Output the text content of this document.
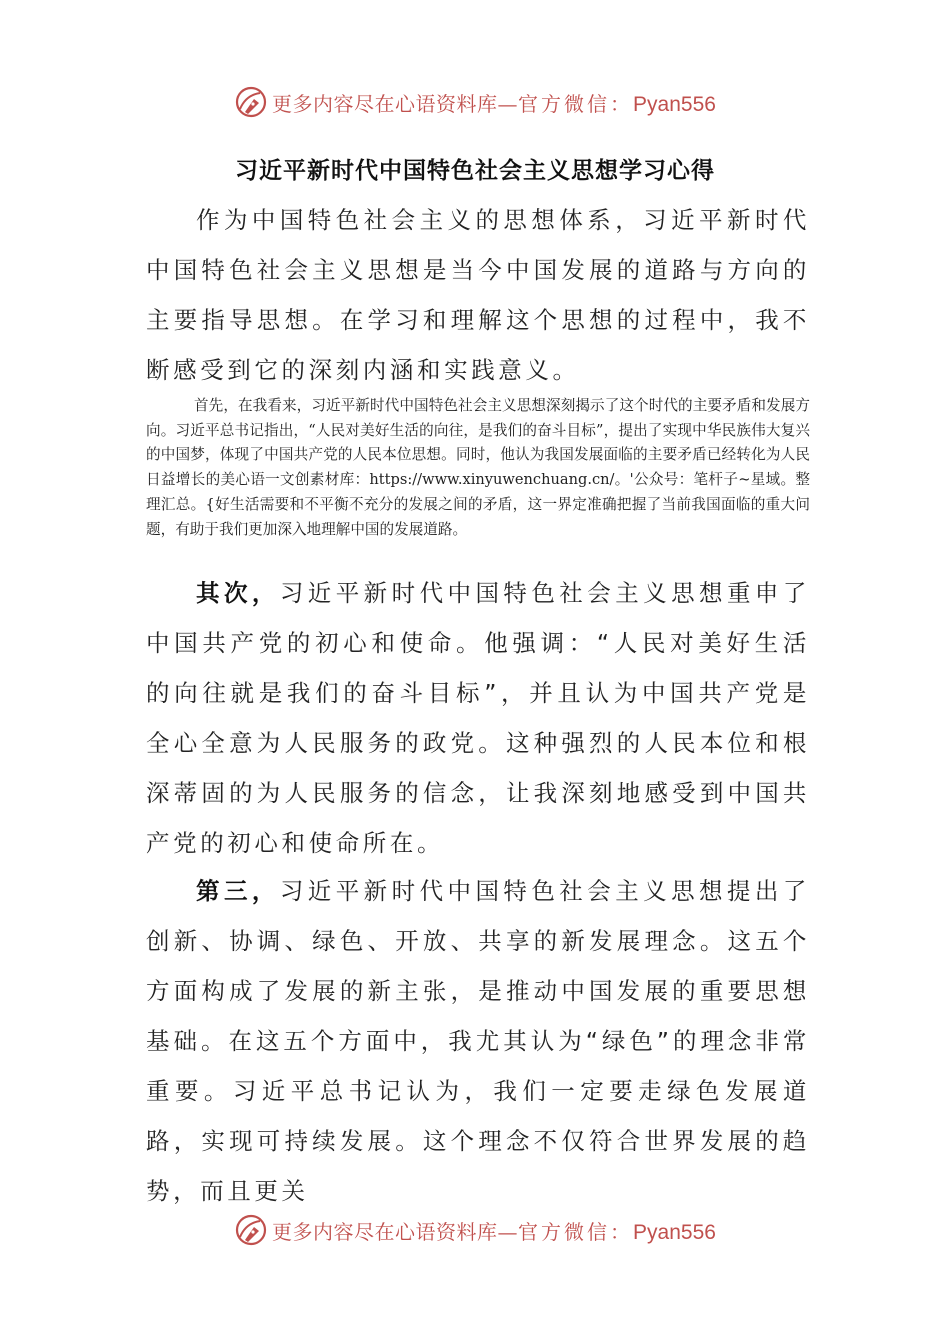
更多内容尽在心语资料库—官方微信：Pyan556
习近平新时代中国特色社会主义思想学习心得

作为中国特色社会主义的思想体系，习近平新时代中国特色社会主义思想是当今中国发展的道路与方向的主要指导思想。在学习和理解这个思想的过程中，我不断感受到它的深刻内涵和实践意义。

首先，在我看来，习近平新时代中国特色社会主义思想深刻揭示了这个时代的主要矛盾和发展方向。习近平总书记指出，“人民对美好生活的向往，是我们的奋斗目标”，提出了实现中华民族伟大复兴的中国梦，体现了中国共产党的人民本位思想。同时，他认为我国发展面临的主要矛盾已经转化为人民日益增长的美心语一文创素材库：https://www.xinyuwenchuang.cn/。'公众号：笔杆子~星域。整理汇总。{好生活需要和不平衡不充分的发展之间的矛盾，这一界定准确把握了当前我国面临的重大问题，有助于我们更加深入地理解中国的发展道路。

其次，习近平新时代中国特色社会主义思想重申了中国共产党的初心和使命。他强调：“人民对美好生活的向往就是我们的奋斗目标”，并且认为中国共产党是全心全意为人民服务的政党。这种强烈的人民本位和根深蒂固的为人民服务的信念，让我深刻地感受到中国共产党的初心和使命所在。

第三，习近平新时代中国特色社会主义思想提出了创新、协调、绿色、开放、共享的新发展理念。这五个方面构成了发展的新主张，是推动中国发展的重要思想基础。在这五个方面中，我尤其认为“绿色”的理念非常重要。习近平总书记认为，我们一定要走绿色发展道路，实现可持续发展。这个理念不仅符合世界发展的趋势，而且更关

更多内容尽在心语资料库—官方微信：Pyan556
